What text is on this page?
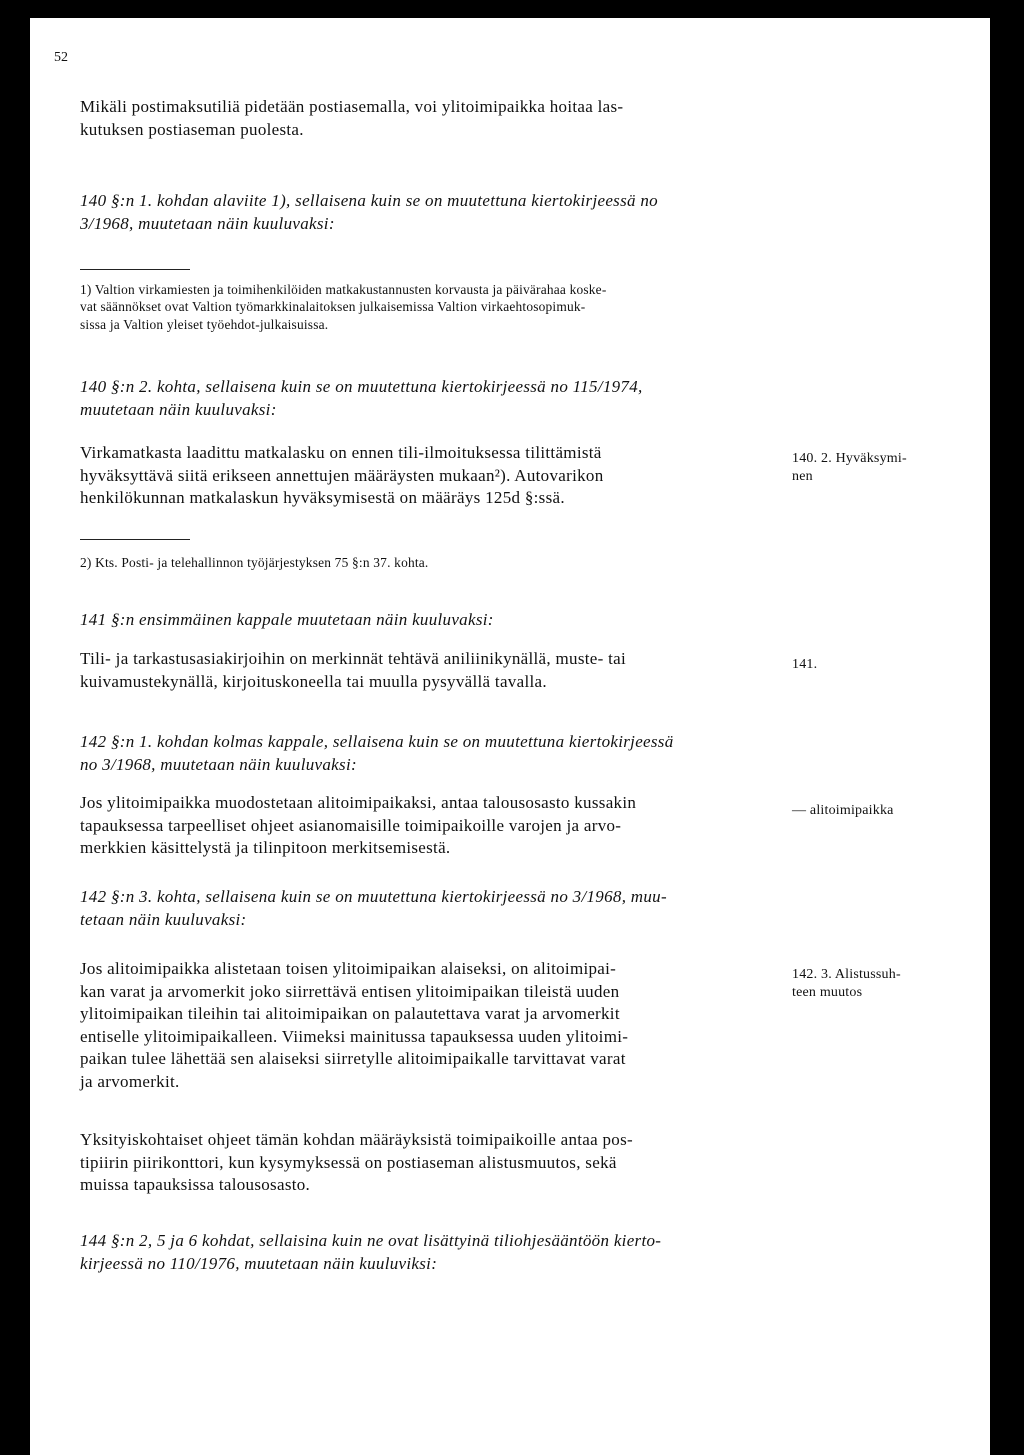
52
Mikäli postimaksutiliä pidetään postiasemalla, voi ylitoimipaikka hoitaa las-
kutuksen postiaseman puolesta.
140 §:n 1. kohdan alaviite 1), sellaisena kuin se on muutettuna kiertokirjeessä no
3/1968, muutetaan näin kuuluvaksi:
1) Valtion virkamiesten ja toimihenkilöiden matkakustannusten korvausta ja päivärahaa koske-
vat säännökset ovat Valtion työmarkkinalaitoksen julkaisemissa Valtion virkaehtosopimuk-
sissa ja Valtion yleiset työehdot-julkaisuissa.
140 §:n 2. kohta, sellaisena kuin se on muutettuna kiertokirjeessä no 115/1974,
muutetaan näin kuuluvaksi:
Virkamatkasta laadittu matkalasku on ennen tili-ilmoituksessa tilittämistä
hyväksyttävä siitä erikseen annettujen määräysten mukaan²). Autovarikon
henkilökunnan matkalaskun hyväksymisestä on määräys 125d §:ssä.
140. 2. Hyväksymi-
nen
2) Kts. Posti- ja telehallinnon työjärjestyksen 75 §:n 37. kohta.
141 §:n ensimmäinen kappale muutetaan näin kuuluvaksi:
Tili- ja tarkastusasiakirjoihin on merkinnät tehtävä aniliinikynällä, muste- tai
kuivamustekynällä, kirjoituskoneella tai muulla pysyvällä tavalla.
141.
142 §:n 1. kohdan kolmas kappale, sellaisena kuin se on muutettuna kiertokirjeessä
no 3/1968, muutetaan näin kuuluvaksi:
Jos ylitoimipaikka muodostetaan alitoimipaikaksi, antaa talousosasto kussakin
tapauksessa tarpeelliset ohjeet asianomaisille toimipaikoille varojen ja arvo-
merkkien käsittelystä ja tilinpitoon merkitsemisestä.
— alitoimipaikka
142 §:n 3. kohta, sellaisena kuin se on muutettuna kiertokirjeessä no 3/1968, muu-
tetaan näin kuuluvaksi:
Jos alitoimipaikka alistetaan toisen ylitoimipaikan alaiseksi, on alitoimipai-
kan varat ja arvomerkit joko siirrettävä entisen ylitoimipaikan tileistä uuden
ylitoimipaikan tileihin tai alitoimipaikan on palautettava varat ja arvomerkit
entiselle ylitoimipaikalleen. Viimeksi mainitussa tapauksessa uuden ylitoimi-
paikan tulee lähettää sen alaiseksi siirretylle alitoimipaikalle tarvittavat varat
ja arvomerkit.
142. 3. Alistussuh-
teen muutos
Yksityiskohtaiset ohjeet tämän kohdan määräyksistä toimipaikoille antaa pos-
tipiirin piirikonttori, kun kysymyksessä on postiaseman alistusmuutos, sekä
muissa tapauksissa talousosasto.
144 §:n 2, 5 ja 6 kohdat, sellaisina kuin ne ovat lisättyinä tiliohjesääntöön kierto-
kirjeessä no 110/1976, muutetaan näin kuuluviksi:
